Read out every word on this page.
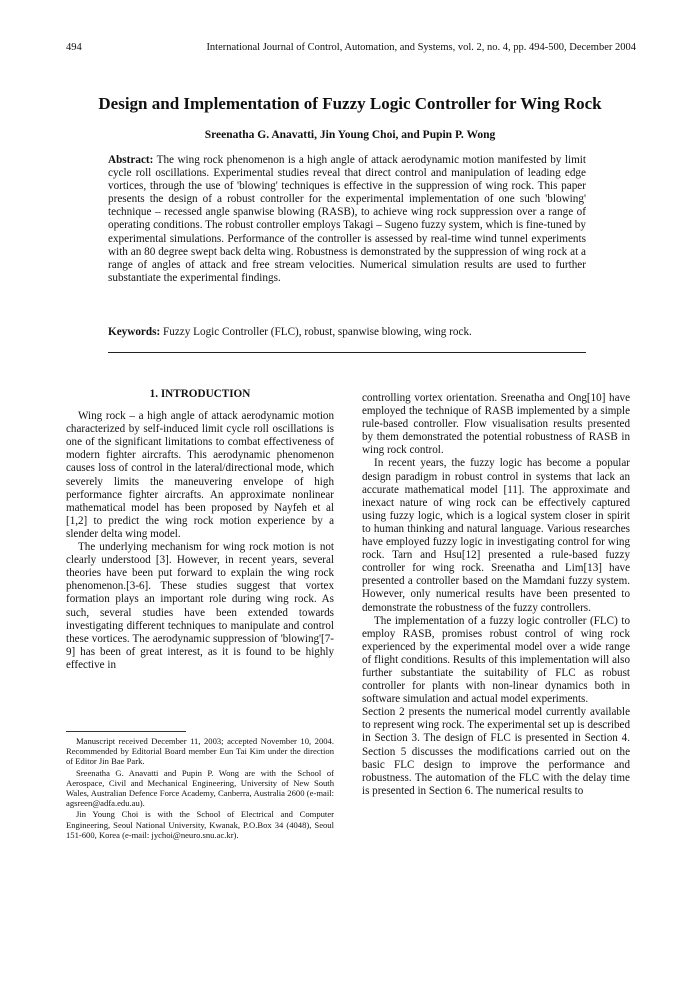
494	International Journal of Control, Automation, and Systems, vol. 2, no. 4, pp. 494-500, December 2004
Design and Implementation of Fuzzy Logic Controller for Wing Rock
Sreenatha G. Anavatti, Jin Young Choi, and Pupin P. Wong
Abstract: The wing rock phenomenon is a high angle of attack aerodynamic motion manifested by limit cycle roll oscillations. Experimental studies reveal that direct control and manipulation of leading edge vortices, through the use of 'blowing' techniques is effective in the suppression of wing rock. This paper presents the design of a robust controller for the experimental implementation of one such 'blowing' technique – recessed angle spanwise blowing (RASB), to achieve wing rock suppression over a range of operating conditions. The robust controller employs Takagi – Sugeno fuzzy system, which is fine-tuned by experimental simulations. Performance of the controller is assessed by real-time wind tunnel experiments with an 80 degree swept back delta wing. Robustness is demonstrated by the suppression of wing rock at a range of angles of attack and free stream velocities. Numerical simulation results are used to further substantiate the experimental findings.
Keywords: Fuzzy Logic Controller (FLC), robust, spanwise blowing, wing rock.
1. INTRODUCTION

Wing rock – a high angle of attack aerodynamic motion characterized by self-induced limit cycle roll oscillations is one of the significant limitations to combat effectiveness of modern fighter aircrafts. This aerodynamic phenomenon causes loss of control in the lateral/directional mode, which severely limits the maneuvering envelope of high performance fighter aircrafts. An approximate nonlinear mathematical model has been proposed by Nayfeh et al [1,2] to predict the wing rock motion experience by a slender delta wing model.

The underlying mechanism for wing rock motion is not clearly understood [3]. However, in recent years, several theories have been put forward to explain the wing rock phenomenon.[3-6]. These studies suggest that vortex formation plays an important role during wing rock. As such, several studies have been extended towards investigating different techniques to manipulate and control these vortices. The aerodynamic suppression of 'blowing'[7-9] has been of great interest, as it is found to be highly effective in

controlling vortex orientation. Sreenatha and Ong[10] have employed the technique of RASB implemented by a simple rule-based controller. Flow visualisation results presented by them demonstrated the potential robustness of RASB in wing rock control.

In recent years, the fuzzy logic has become a popular design paradigm in robust control in systems that lack an accurate mathematical model [11]. The approximate and inexact nature of wing rock can be effectively captured using fuzzy logic, which is a logical system closer in spirit to human thinking and natural language. Various researches have employed fuzzy logic in investigating control for wing rock. Tarn and Hsu[12] presented a rule-based fuzzy controller for wing rock. Sreenatha and Lim[13] have presented a controller based on the Mamdani fuzzy system. However, only numerical results have been presented to demonstrate the robustness of the fuzzy controllers.

The implementation of a fuzzy logic controller (FLC) to employ RASB, promises robust control of wing rock experienced by the experimental model over a wide range of flight conditions. Results of this implementation will also further substantiate the suitability of FLC as robust controller for plants with non-linear dynamics both in software simulation and actual model experiments.

Section 2 presents the numerical model currently available to represent wing rock. The experimental set up is described in Section 3. The design of FLC is presented in Section 4. Section 5 discusses the modifications carried out on the basic FLC design to improve the performance and robustness. The automation of the FLC with the delay time is presented in Section 6. The numerical results to

Manuscript received December 11, 2003; accepted November 10, 2004. Recommended by Editorial Board member Eun Tai Kim under the direction of Editor Jin Bae Park.

Sreenatha G. Anavatti and Pupin P. Wong are with the School of Aerospace, Civil and Mechanical Engineering, University of New South Wales, Australian Defence Force Academy, Canberra, Australia 2600 (e-mail: agsreen@adfa.edu.au).

Jin Young Choi is with the School of Electrical and Computer Engineering, Seoul National University, Kwanak, P.O.Box 34 (4048), Seoul 151-600, Korea (e-mail: jychoi@neuro.snu.ac.kr).
